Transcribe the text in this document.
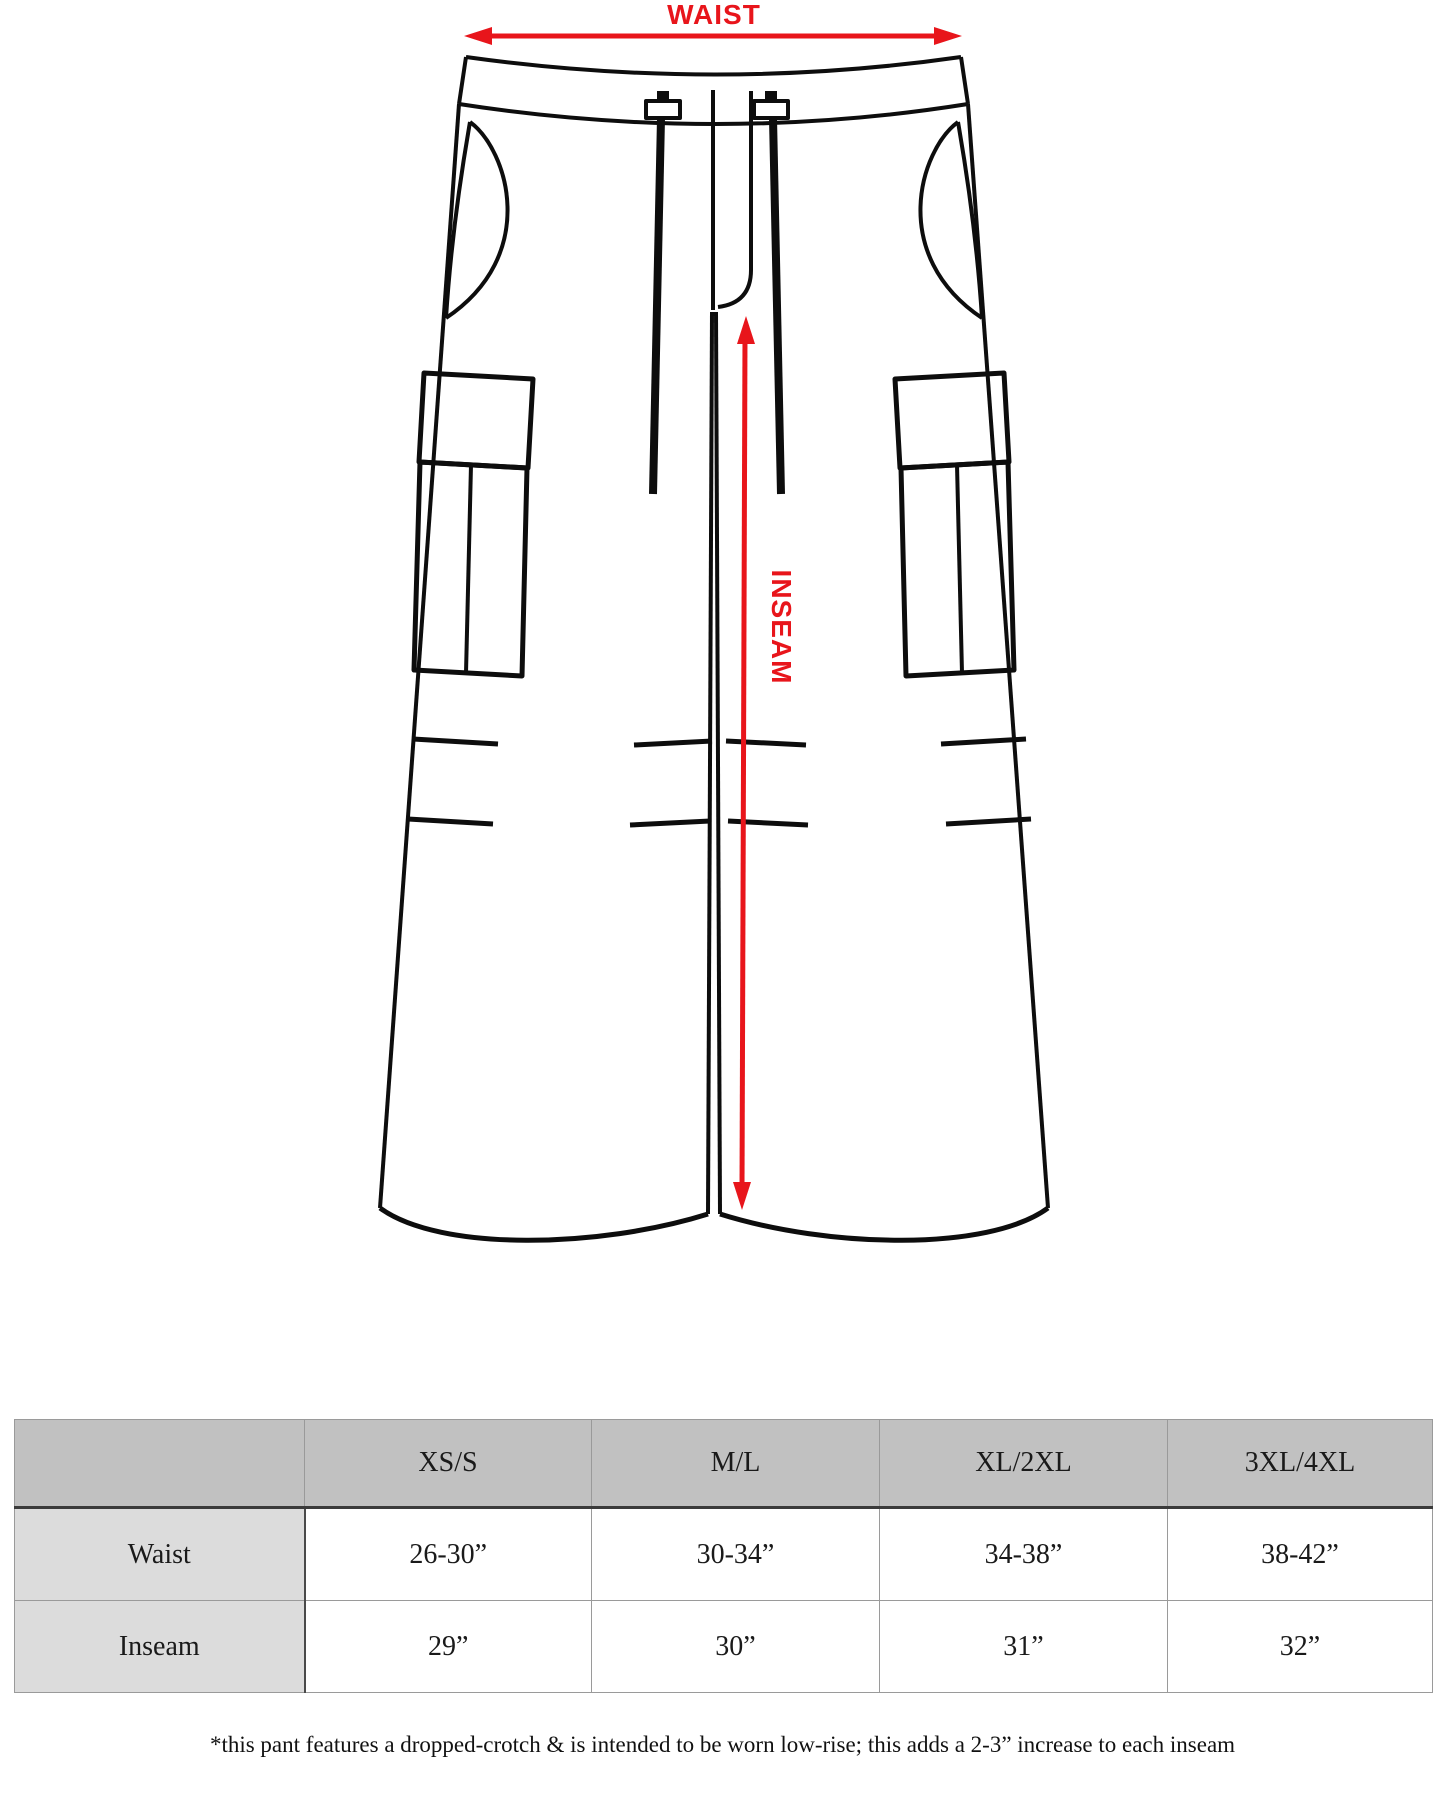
WAIST
INSEAM
	XS/S	M/L	XL/2XL	3XL/4XL
Waist	26-30”	30-34”	34-38”	38-42”
Inseam	29”	30”	31”	32”
*this pant features a dropped-crotch & is intended to be worn low-rise; this adds a 2-3” increase to each inseam
